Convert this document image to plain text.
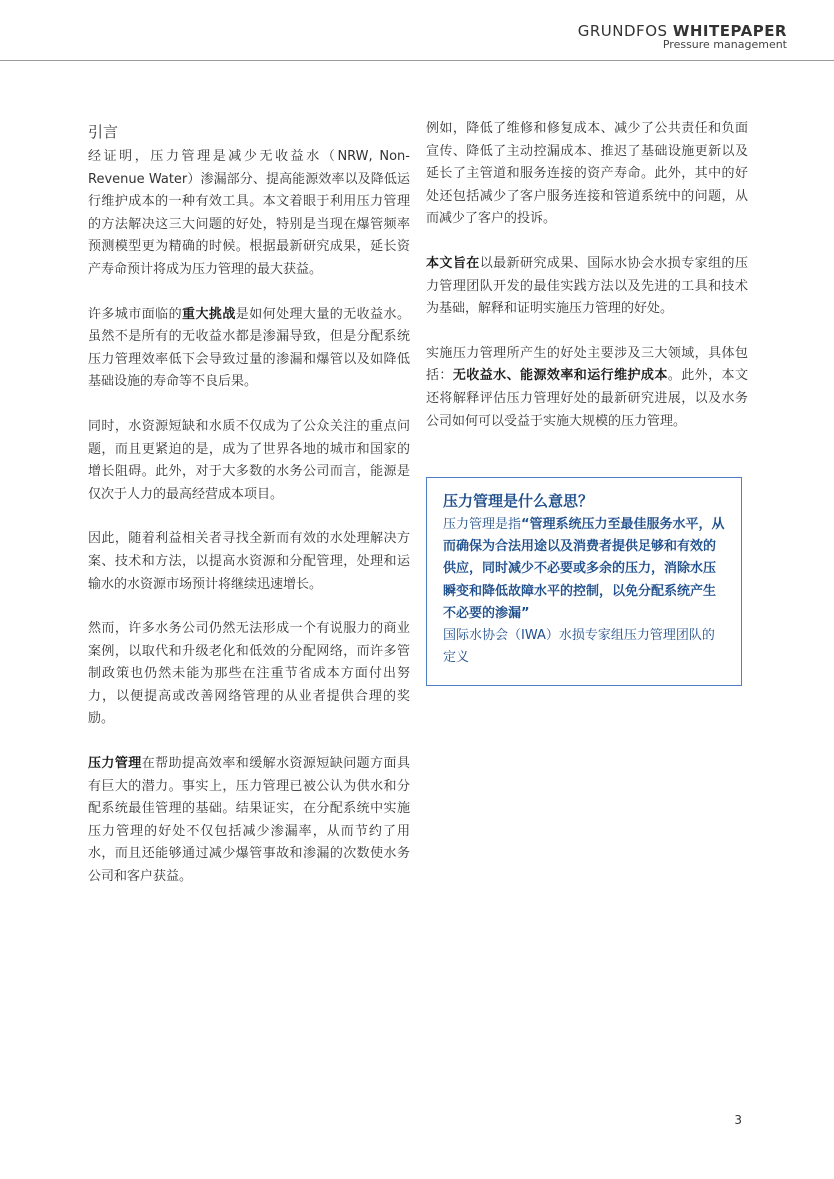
GRUNDFOS WHITEPAPER
Pressure management
引言

经证明，压力管理是减少无收益水（NRW, Non-Revenue Water）渗漏部分、提高能源效率以及降低运行维护成本的一种有效工具。本文着眼于利用压力管理的方法解决这三大问题的好处，特别是当现在爆管频率预测模型更为精确的时候。根据最新研究成果，延长资产寿命预计将成为压力管理的最大获益。

许多城市面临的重大挑战是如何处理大量的无收益水。虽然不是所有的无收益水都是渗漏导致，但是分配系统压力管理效率低下会导致过量的渗漏和爆管以及如降低基础设施的寿命等不良后果。

同时，水资源短缺和水质不仅成为了公众关注的重点问题，而且更紧迫的是，成为了世界各地的城市和国家的增长阻碍。此外，对于大多数的水务公司而言，能源是仅次于人力的最高经营成本项目。

因此，随着利益相关者寻找全新而有效的水处理解决方案、技术和方法，以提高水资源和分配管理，处理和运输水的水资源市场预计将继续迅速增长。

然而，许多水务公司仍然无法形成一个有说服力的商业案例，以取代和升级老化和低效的分配网络，而许多管制政策也仍然未能为那些在注重节省成本方面付出努力，以便提高或改善网络管理的从业者提供合理的奖励。

压力管理在帮助提高效率和缓解水资源短缺问题方面具有巨大的潜力。事实上，压力管理已被公认为供水和分配系统最佳管理的基础。结果证实，在分配系统中实施压力管理的好处不仅包括减少渗漏率，从而节约了用水，而且还能够通过减少爆管事故和渗漏的次数使水务公司和客户获益。

例如，降低了维修和修复成本、减少了公共责任和负面宣传、降低了主动控漏成本、推迟了基础设施更新以及延长了主管道和服务连接的资产寿命。此外，其中的好处还包括减少了客户服务连接和管道系统中的问题，从而减少了客户的投诉。

本文旨在以最新研究成果、国际水协会水损专家组的压力管理团队开发的最佳实践方法以及先进的工具和技术为基础，解释和证明实施压力管理的好处。

实施压力管理所产生的好处主要涉及三大领域，具体包括：无收益水、能源效率和运行维护成本。此外，本文还将解释评估压力管理好处的最新研究进展，以及水务公司如何可以受益于实施大规模的压力管理。

压力管理是什么意思？
压力管理是指“管理系统压力至最佳服务水平，从而确保为合法用途以及消费者提供足够和有效的供应，同时减少不必要或多余的压力，消除水压瞬变和降低故障水平的控制，以免分配系统产生不必要的渗漏”
国际水协会（IWA）水损专家组压力管理团队的定义
3
